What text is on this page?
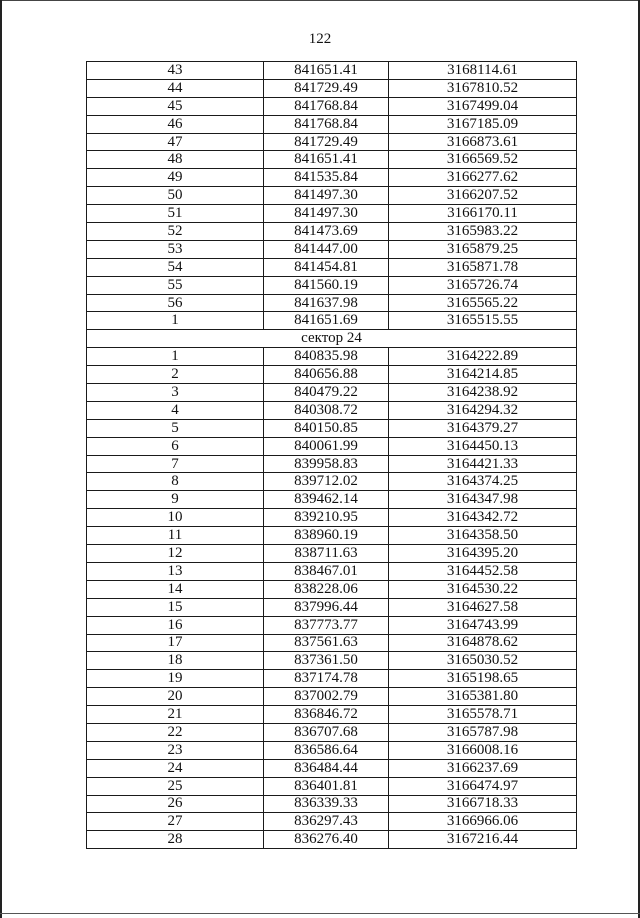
122
43	841651.41	3168114.61
44	841729.49	3167810.52
45	841768.84	3167499.04
46	841768.84	3167185.09
47	841729.49	3166873.61
48	841651.41	3166569.52
49	841535.84	3166277.62
50	841497.30	3166207.52
51	841497.30	3166170.11
52	841473.69	3165983.22
53	841447.00	3165879.25
54	841454.81	3165871.78
55	841560.19	3165726.74
56	841637.98	3165565.22
1	841651.69	3165515.55
сектор 24		
1	840835.98	3164222.89
2	840656.88	3164214.85
3	840479.22	3164238.92
4	840308.72	3164294.32
5	840150.85	3164379.27
6	840061.99	3164450.13
7	839958.83	3164421.33
8	839712.02	3164374.25
9	839462.14	3164347.98
10	839210.95	3164342.72
11	838960.19	3164358.50
12	838711.63	3164395.20
13	838467.01	3164452.58
14	838228.06	3164530.22
15	837996.44	3164627.58
16	837773.77	3164743.99
17	837561.63	3164878.62
18	837361.50	3165030.52
19	837174.78	3165198.65
20	837002.79	3165381.80
21	836846.72	3165578.71
22	836707.68	3165787.98
23	836586.64	3166008.16
24	836484.44	3166237.69
25	836401.81	3166474.97
26	836339.33	3166718.33
27	836297.43	3166966.06
28	836276.40	3167216.44
